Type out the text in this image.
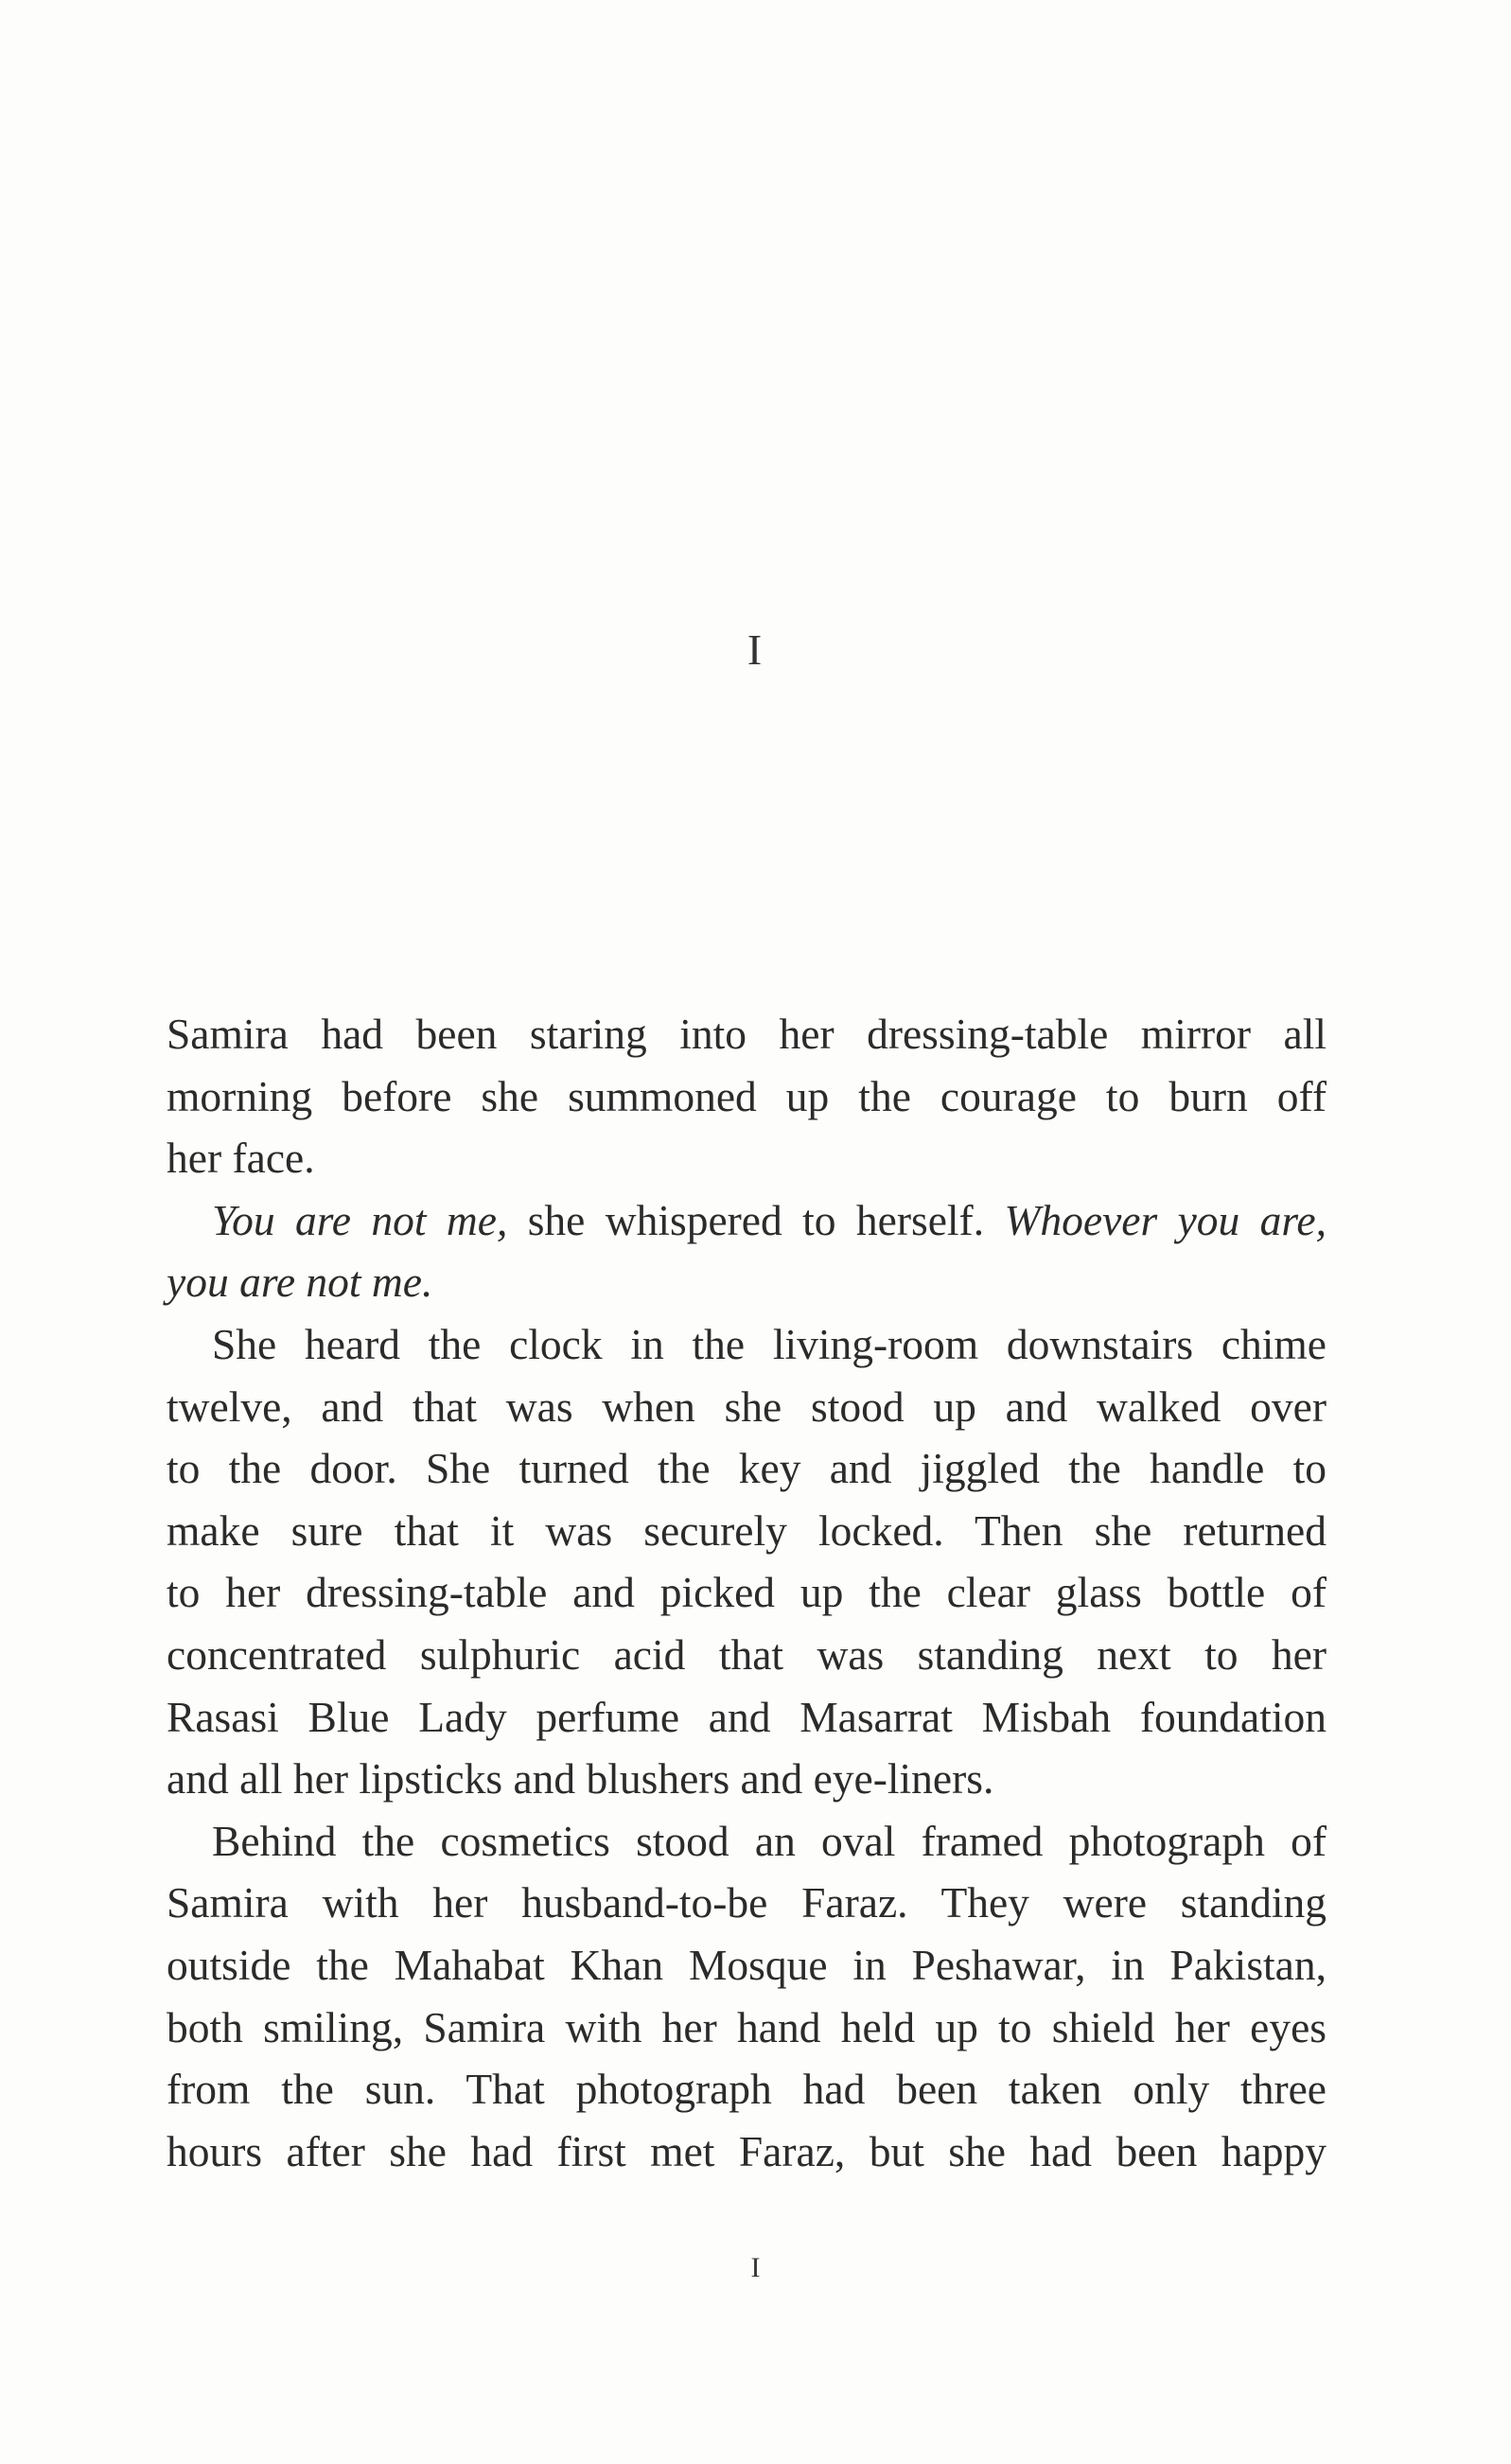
I
Samira had been staring into her dressing-table mirror all
morning before she summoned up the courage to burn off
her face.
You are not me, she whispered to herself. Whoever you are,
you are not me.
She heard the clock in the living-room downstairs chime
twelve, and that was when she stood up and walked over
to the door. She turned the key and jiggled the handle to
make sure that it was securely locked. Then she returned
to her dressing-table and picked up the clear glass bottle of
concentrated sulphuric acid that was standing next to her
Rasasi Blue Lady perfume and Masarrat Misbah foundation
and all her lipsticks and blushers and eye-liners.
Behind the cosmetics stood an oval framed photograph of
Samira with her husband-to-be Faraz. They were standing
outside the Mahabat Khan Mosque in Peshawar, in Pakistan,
both smiling, Samira with her hand held up to shield her eyes
from the sun. That photograph had been taken only three
hours after she had first met Faraz, but she had been happy
I
